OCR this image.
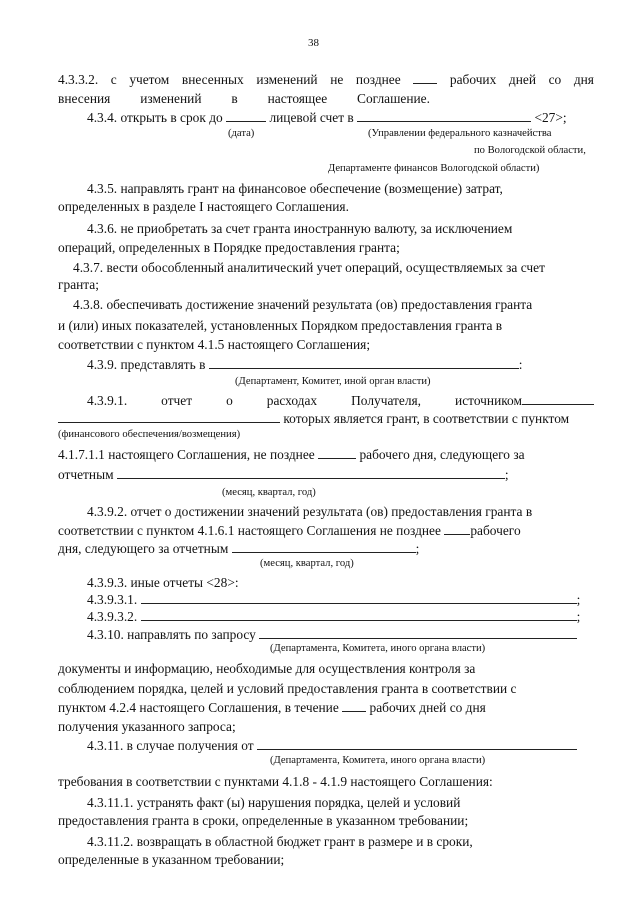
38
4.3.3.2. с учетом внесенных изменений не позднее	рабочих дней со дня
внесения изменений в настоящее Соглашение.
4.3.4. открыть в срок до	лицевой счет в	<27>;
(дата)	(Управлении федерального казначейства
по Вологодской области,
Департаменте финансов Вологодской области)
4.3.5. направлять грант на финансовое обеспечение (возмещение) затрат,
определенных в разделе I настоящего Соглашения.
4.3.6. не приобретать за счет гранта иностранную валюту, за исключением
операций, определенных в Порядке предоставления гранта;
4.3.7. вести обособленный аналитический учет операций, осуществляемых за счет
гранта;
4.3.8. обеспечивать достижение значений результата (ов) предоставления гранта
и (или) иных показателей, установленных Порядком предоставления гранта в
соответствии с пунктом 4.1.5 настоящего Соглашения;
4.3.9. представлять в	:
(Департамент, Комитет, иной орган власти)
4.3.9.1.	отчет	о	расходах	Получателя,	источником
которых является грант, в соответствии с пунктом
(финансового обеспечения/возмещения)
4.1.7.1.1 настоящего Соглашения, не позднее	рабочего дня, следующего за
отчетным	;
(месяц, квартал, год)
4.3.9.2. отчет о достижении значений результата (ов) предоставления гранта в
соответствии с пунктом 4.1.6.1 настоящего Соглашения не позднее рабочего
дня, следующего за отчетным	;
(месяц, квартал, год)
4.3.9.3. иные отчеты <28>:
4.3.9.3.1.	;
4.3.9.3.2.	;
4.3.10. направлять по запросу
(Департамента, Комитета, иного органа власти)
документы и информацию, необходимые для осуществления контроля за
соблюдением порядка, целей и условий предоставления гранта в соответствии с
пунктом 4.2.4 настоящего Соглашения, в течение рабочих дней со дня
получения указанного запроса;
4.3.11. в случае получения от
(Департамента, Комитета, иного органа власти)
требования в соответствии с пунктами 4.1.8 - 4.1.9 настоящего Соглашения:
4.3.11.1. устранять факт (ы) нарушения порядка, целей и условий
предоставления гранта в сроки, определенные в указанном требовании;
4.3.11.2. возвращать в областной бюджет грант в размере и в сроки,
определенные в указанном требовании;
